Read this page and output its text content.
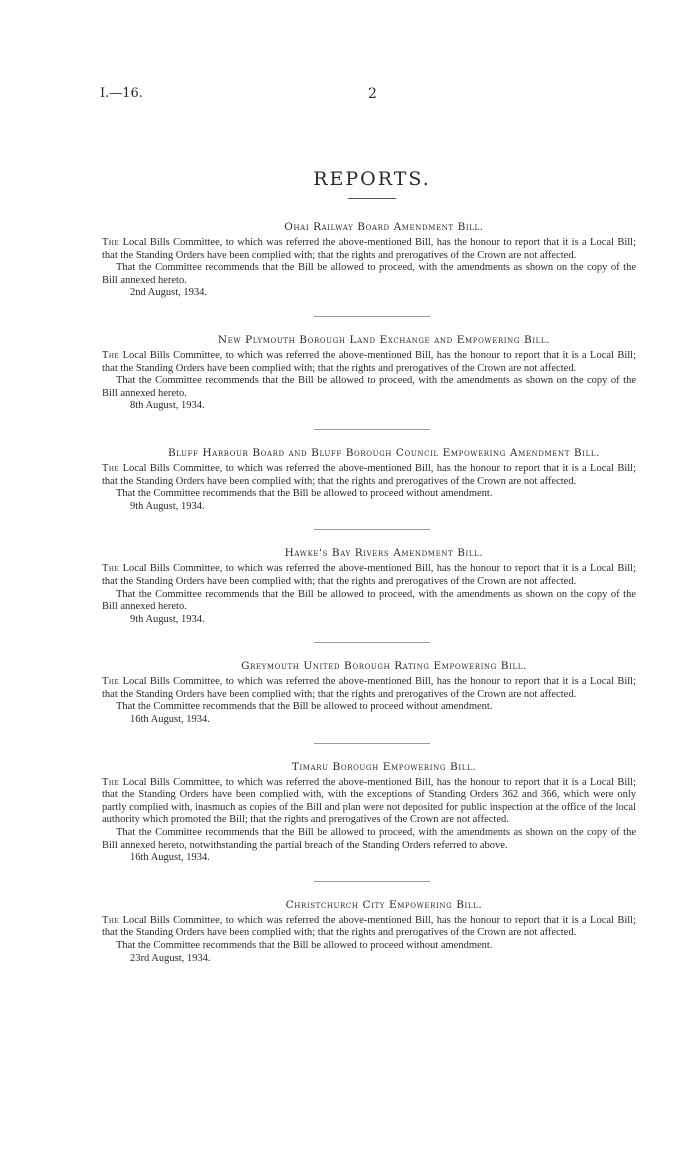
I.—16.	2
REPORTS.
Ohai Railway Board Amendment Bill.

The Local Bills Committee, to which was referred the above-mentioned Bill, has the honour to report that it is a Local Bill; that the Standing Orders have been complied with; that the rights and prerogatives of the Crown are not affected.

That the Committee recommends that the Bill be allowed to proceed, with the amendments as shown on the copy of the Bill annexed hereto.

2nd August, 1934.

New Plymouth Borough Land Exchange and Empowering Bill.

The Local Bills Committee, to which was referred the above-mentioned Bill, has the honour to report that it is a Local Bill; that the Standing Orders have been complied with; that the rights and prerogatives of the Crown are not affected.

That the Committee recommends that the Bill be allowed to proceed, with the amendments as shown on the copy of the Bill annexed hereto.

8th August, 1934.

Bluff Harbour Board and Bluff Borough Council Empowering Amendment Bill.

The Local Bills Committee, to which was referred the above-mentioned Bill, has the honour to report that it is a Local Bill; that the Standing Orders have been complied with; that the rights and prerogatives of the Crown are not affected.

That the Committee recommends that the Bill be allowed to proceed without amendment.

9th August, 1934.

Hawke's Bay Rivers Amendment Bill.

The Local Bills Committee, to which was referred the above-mentioned Bill, has the honour to report that it is a Local Bill; that the Standing Orders have been complied with; that the rights and prerogatives of the Crown are not affected.

That the Committee recommends that the Bill be allowed to proceed, with the amendments as shown on the copy of the Bill annexed hereto.

9th August, 1934.

Greymouth United Borough Rating Empowering Bill.

The Local Bills Committee, to which was referred the above-mentioned Bill, has the honour to report that it is a Local Bill; that the Standing Orders have been complied with; that the rights and prerogatives of the Crown are not affected.

That the Committee recommends that the Bill be allowed to proceed without amendment.

16th August, 1934.

Timaru Borough Empowering Bill.

The Local Bills Committee, to which was referred the above-mentioned Bill, has the honour to report that it is a Local Bill; that the Standing Orders have been complied with, with the exceptions of Standing Orders 362 and 366, which were only partly complied with, inasmuch as copies of the Bill and plan were not deposited for public inspection at the office of the local authority which promoted the Bill; that the rights and prerogatives of the Crown are not affected.

That the Committee recommends that the Bill be allowed to proceed, with the amendments as shown on the copy of the Bill annexed hereto, notwithstanding the partial breach of the Standing Orders referred to above.

16th August, 1934.

Christchurch City Empowering Bill.

The Local Bills Committee, to which was referred the above-mentioned Bill, has the honour to report that it is a Local Bill; that the Standing Orders have been complied with; that the rights and prerogatives of the Crown are not affected.

That the Committee recommends that the Bill be allowed to proceed without amendment.

23rd August, 1934.
